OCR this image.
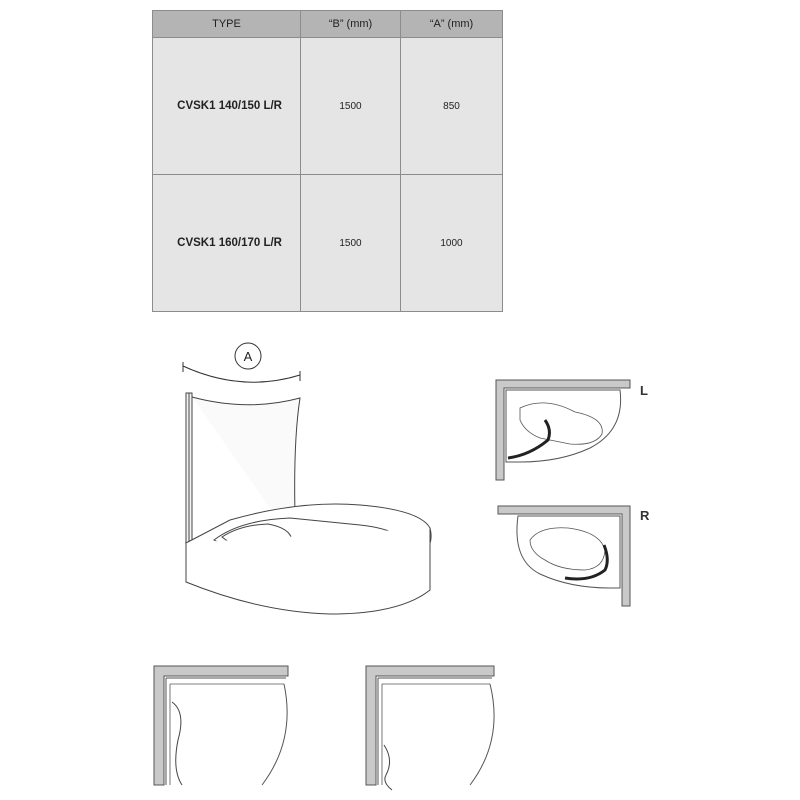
TYPE	“B” (mm)	“A” (mm)
CVSK1 140/150 L/R	1500	850
CVSK1 160/170 L/R	1500	1000
A
L
R
